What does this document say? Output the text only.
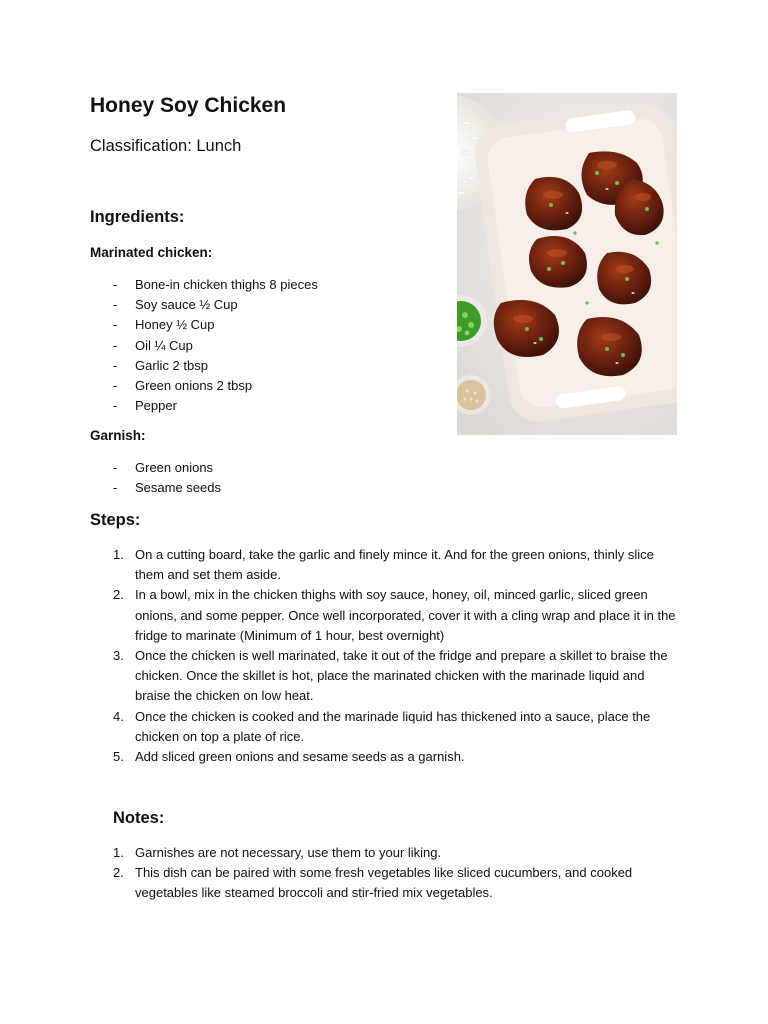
Honey Soy Chicken
Classification: Lunch
Ingredients:
Marinated chicken:
- Bone-in chicken thighs 8 pieces
- Soy sauce ½ Cup
- Honey ½ Cup
- Oil ¼ Cup
- Garlic 2 tbsp
- Green onions 2 tbsp
- Pepper
Garnish:
- Green onions
- Sesame seeds
Steps:
1. On a cutting board, take the garlic and finely mince it. And for the green onions, thinly slice them and set them aside.
2. In a bowl, mix in the chicken thighs with soy sauce, honey, oil, minced garlic, sliced green onions, and some pepper. Once well incorporated, cover it with a cling wrap and place it in the fridge to marinate (Minimum of 1 hour, best overnight)
3. Once the chicken is well marinated, take it out of the fridge and prepare a skillet to braise the chicken. Once the skillet is hot, place the marinated chicken with the marinade liquid and braise the chicken on low heat.
4. Once the chicken is cooked and the marinade liquid has thickened into a sauce, place the chicken on top a plate of rice.
5. Add sliced green onions and sesame seeds as a garnish.
Notes:
1. Garnishes are not necessary, use them to your liking.
2. This dish can be paired with some fresh vegetables like sliced cucumbers, and cooked vegetables like steamed broccoli and stir-fried mix vegetables.
